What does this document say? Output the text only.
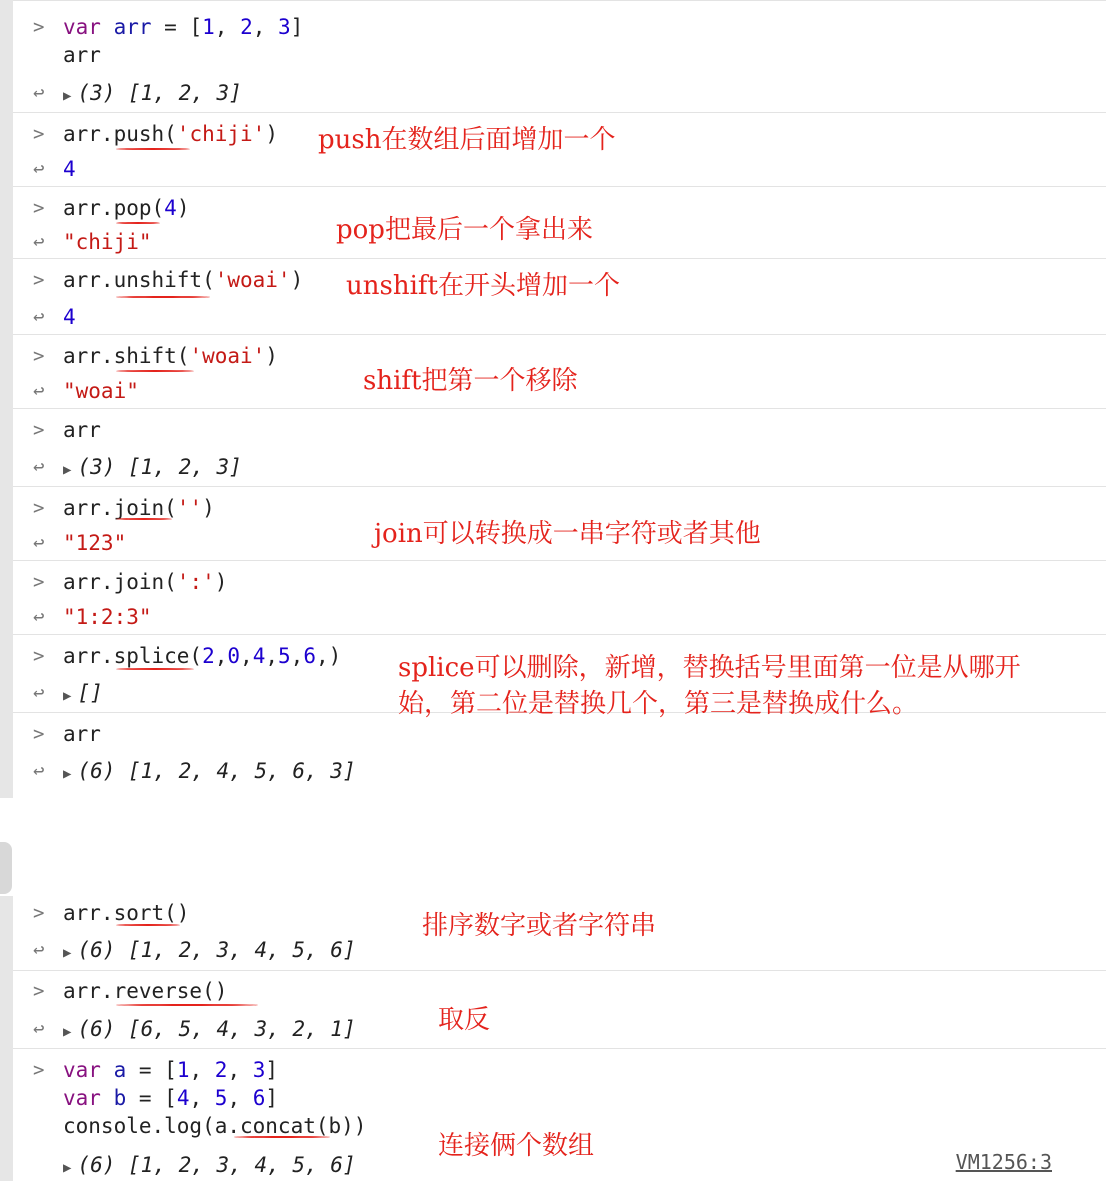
> var arr = [1, 2, 3]
arr
↩	▶ (3) [1, 2, 3]
> arr.push('chiji')
↩ 4
> arr.pop(4)
↩ "chiji"
> arr.unshift('woai')
↩ 4
> arr.shift('woai')
↩ "woai"
> arr
↩	▶ (3) [1, 2, 3]
> arr.join('')
↩ "123"
> arr.join(':')
↩ "1:2:3"
> arr.splice(2,0,4,5,6,)
↩	▶ []
> arr
↩	▶ (6) [1, 2, 4, 5, 6, 3]
> arr.sort()
↩	▶ (6) [1, 2, 3, 4, 5, 6]
> arr.reverse()
↩	▶ (6) [6, 5, 4, 3, 2, 1]
> var a = [1, 2, 3]
var b = [4, 5, 6]
console.log(a.concat(b))
▶ (6) [1, 2, 3, 4, 5, 6]	VM1256:3
push在数组后面增加一个
pop把最后一个拿出来
unshift在开头增加一个
shift把第一个移除
join可以转换成一串字符或者其他
splice可以删除，新增，替换括号里面第一位是从哪开
始，第二位是替换几个，第三是替换成什么。
排序数字或者字符串
取反
连接俩个数组
